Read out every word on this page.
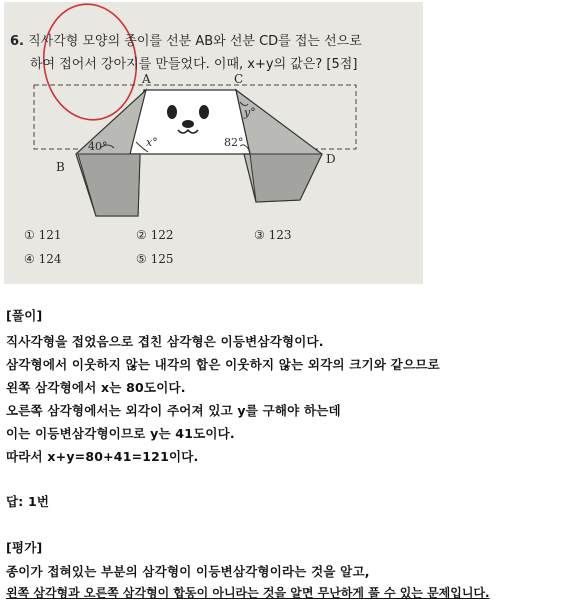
6. 직사각형 모양의 종이를 선분 AB와 선분 CD를 접는 선으로
하여 접어서 강아지를 만들었다. 이때, x+y의 값은? [5점]
A	C
B
D
40°	x°	82°
y°
① 121	② 122	③ 123
④ 124	⑤ 125
[풀이]
직사각형을 접었음으로 겹친 삼각형은 이등변삼각형이다.
삼각형에서 이웃하지 않는 내각의 합은 이웃하지 않는 외각의 크기와 같으므로
왼쪽 삼각형에서 x는 80도이다.
오른쪽 삼각형에서는 외각이 주어져 있고 y를 구해야 하는데
이는 이등변삼각형이므로 y는 41도이다.
따라서 x+y=80+41=121이다.
답: 1번
[평가]
종이가 접혀있는 부분의 삼각형이 이등변삼각형이라는 것을 알고,
왼쪽 삼각형과 오른쪽 삼각형이 합동이 아니라는 것을 알면 무난하게 풀 수 있는 문제입니다.
